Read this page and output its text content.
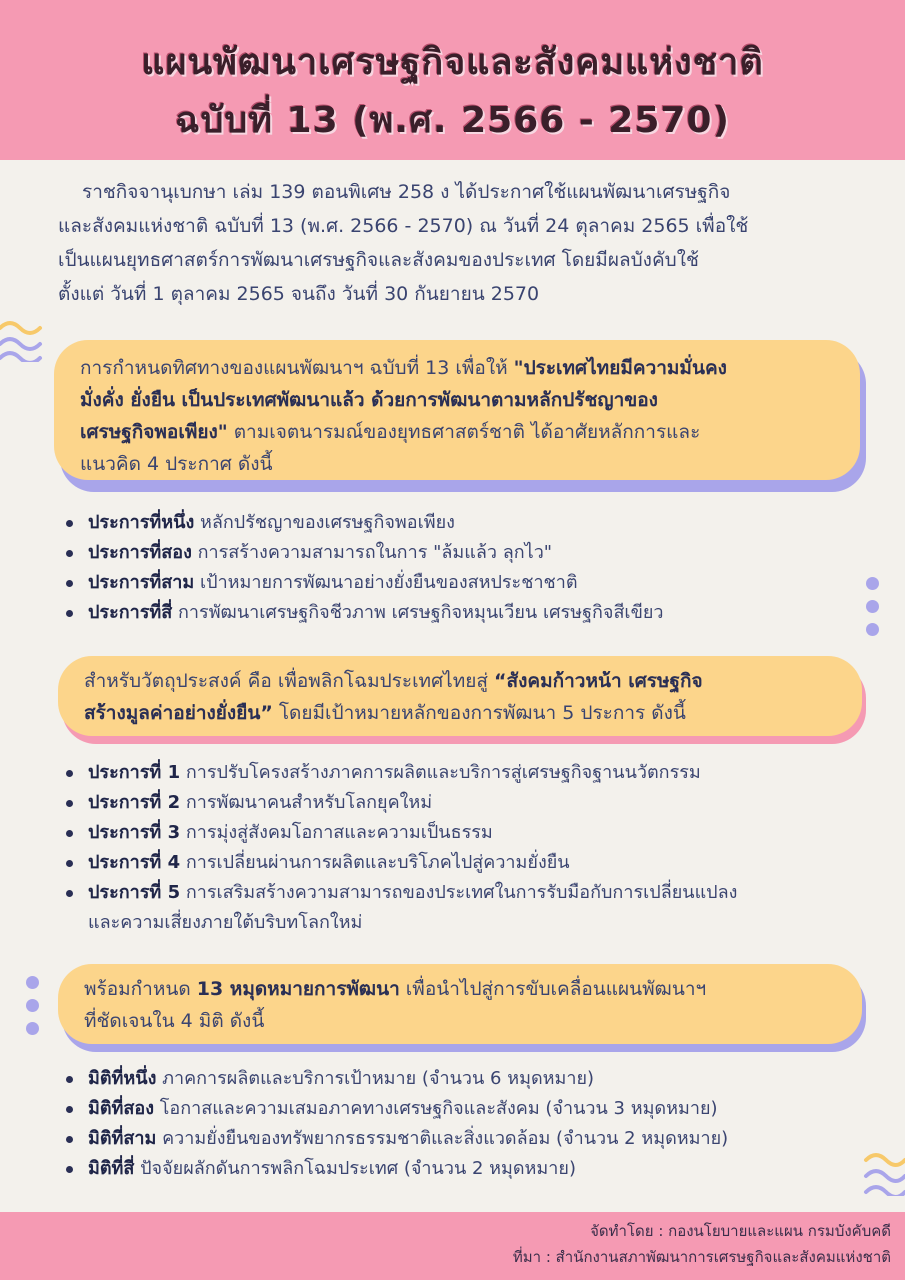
แผนพัฒนาเศรษฐกิจและสังคมแห่งชาติ
ฉบับที่ 13 (พ.ศ. 2566 - 2570)
ราชกิจจานุเบกษา เล่ม 139 ตอนพิเศษ 258 ง ได้ประกาศใช้แผนพัฒนาเศรษฐกิจ
และสังคมแห่งชาติ ฉบับที่ 13 (พ.ศ. 2566 - 2570) ณ วันที่ 24 ตุลาคม 2565 เพื่อใช้
เป็นแผนยุทธศาสตร์การพัฒนาเศรษฐกิจและสังคมของประเทศ โดยมีผลบังคับใช้
ตั้งแต่ วันที่ 1 ตุลาคม 2565 จนถึง วันที่ 30 กันยายน 2570
การกำหนดทิศทางของแผนพัฒนาฯ ฉบับที่ 13 เพื่อให้ "ประเทศไทยมีความมั่นคง
มั่งคั่ง ยั่งยืน เป็นประเทศพัฒนาแล้ว ด้วยการพัฒนาตามหลักปรัชญาของ
เศรษฐกิจพอเพียง" ตามเจตนารมณ์ของยุทธศาสตร์ชาติ ได้อาศัยหลักการและ
แนวคิด 4 ประกาศ ดังนี้
ประการที่หนึ่ง หลักปรัชญาของเศรษฐกิจพอเพียง
ประการที่สอง การสร้างความสามารถในการ "ล้มแล้ว ลุกไว"
ประการที่สาม เป้าหมายการพัฒนาอย่างยั่งยืนของสหประชาชาติ
ประการที่สี่ การพัฒนาเศรษฐกิจชีวภาพ เศรษฐกิจหมุนเวียน เศรษฐกิจสีเขียว
สำหรับวัตถุประสงค์ คือ เพื่อพลิกโฉมประเทศไทยสู่ “สังคมก้าวหน้า เศรษฐกิจ
สร้างมูลค่าอย่างยั่งยืน” โดยมีเป้าหมายหลักของการพัฒนา 5 ประการ ดังนี้
ประการที่ 1 การปรับโครงสร้างภาคการผลิตและบริการสู่เศรษฐกิจฐานนวัตกรรม
ประการที่ 2 การพัฒนาคนสำหรับโลกยุคใหม่
ประการที่ 3 การมุ่งสู่สังคมโอกาสและความเป็นธรรม
ประการที่ 4 การเปลี่ยนผ่านการผลิตและบริโภคไปสู่ความยั่งยืน
ประการที่ 5 การเสริมสร้างความสามารถของประเทศในการรับมือกับการเปลี่ยนแปลง
และความเสี่ยงภายใต้บริบทโลกใหม่
พร้อมกำหนด 13 หมุดหมายการพัฒนา เพื่อนำไปสู่การขับเคลื่อนแผนพัฒนาฯ
ที่ชัดเจนใน 4 มิติ ดังนี้
มิติที่หนึ่ง ภาคการผลิตและบริการเป้าหมาย (จำนวน 6 หมุดหมาย)
มิติที่สอง โอกาสและความเสมอภาคทางเศรษฐกิจและสังคม (จำนวน 3 หมุดหมาย)
มิติที่สาม ความยั่งยืนของทรัพยากรธรรมชาติและสิ่งแวดล้อม (จำนวน 2 หมุดหมาย)
มิติที่สี่ ปัจจัยผลักดันการพลิกโฉมประเทศ (จำนวน 2 หมุดหมาย)
จัดทำโดย : กองนโยบายและแผน กรมบังคับคดี
ที่มา : สำนักงานสภาพัฒนาการเศรษฐกิจและสังคมแห่งชาติ
